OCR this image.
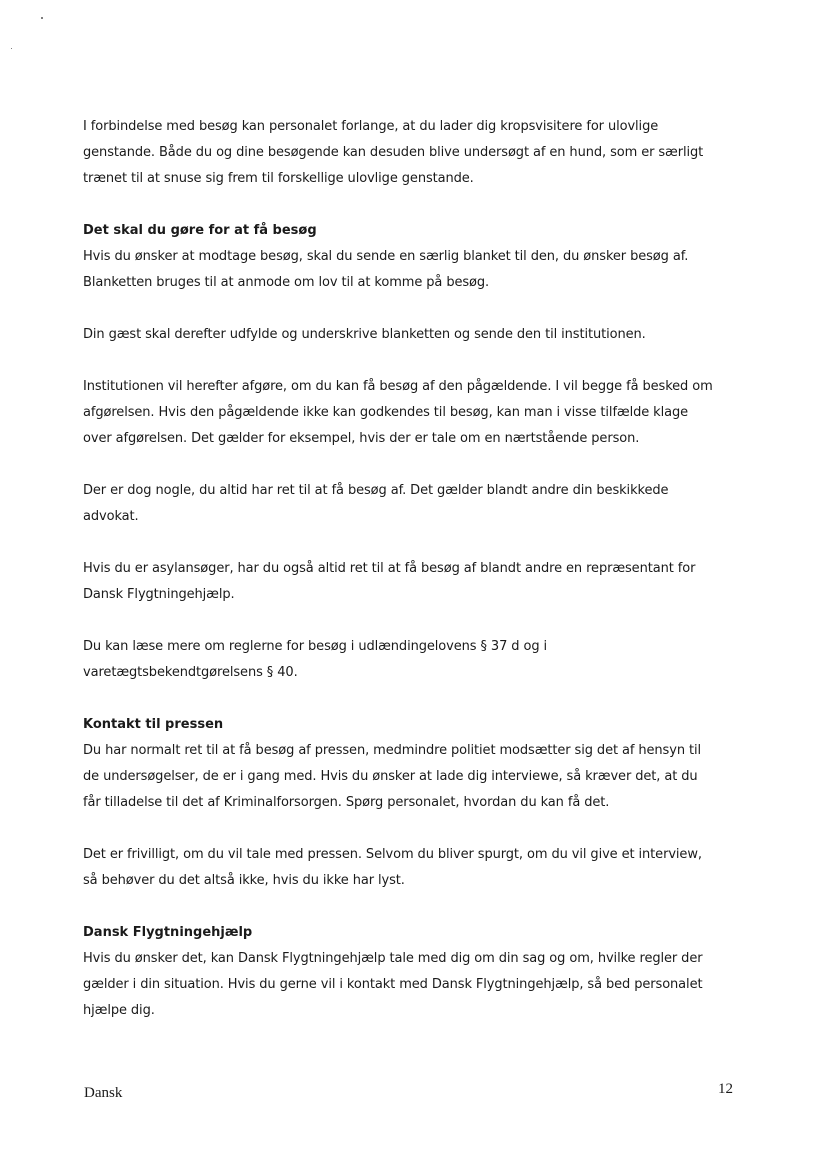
I forbindelse med besøg kan personalet forlange, at du lader dig kropsvisitere for ulovlige
genstande. Både du og dine besøgende kan desuden blive undersøgt af en hund, som er særligt
trænet til at snuse sig frem til forskellige ulovlige genstande.
Det skal du gøre for at få besøg
Hvis du ønsker at modtage besøg, skal du sende en særlig blanket til den, du ønsker besøg af.
Blanketten bruges til at anmode om lov til at komme på besøg.
Din gæst skal derefter udfylde og underskrive blanketten og sende den til institutionen.
Institutionen vil herefter afgøre, om du kan få besøg af den pågældende. I vil begge få besked om
afgørelsen. Hvis den pågældende ikke kan godkendes til besøg, kan man i visse tilfælde klage
over afgørelsen. Det gælder for eksempel, hvis der er tale om en nærtstående person.
Der er dog nogle, du altid har ret til at få besøg af. Det gælder blandt andre din beskikkede
advokat.
Hvis du er asylansøger, har du også altid ret til at få besøg af blandt andre en repræsentant for
Dansk Flygtningehjælp.
Du kan læse mere om reglerne for besøg i udlændingelovens § 37 d og i
varetægtsbekendtgørelsens § 40.
Kontakt til pressen
Du har normalt ret til at få besøg af pressen, medmindre politiet modsætter sig det af hensyn til
de undersøgelser, de er i gang med. Hvis du ønsker at lade dig interviewe, så kræver det, at du
får tilladelse til det af Kriminalforsorgen. Spørg personalet, hvordan du kan få det.
Det er frivilligt, om du vil tale med pressen. Selvom du bliver spurgt, om du vil give et interview,
så behøver du det altså ikke, hvis du ikke har lyst.
Dansk Flygtningehjælp
Hvis du ønsker det, kan Dansk Flygtningehjælp tale med dig om din sag og om, hvilke regler der
gælder i din situation. Hvis du gerne vil i kontakt med Dansk Flygtningehjælp, så bed personalet
hjælpe dig.
Dansk	12
